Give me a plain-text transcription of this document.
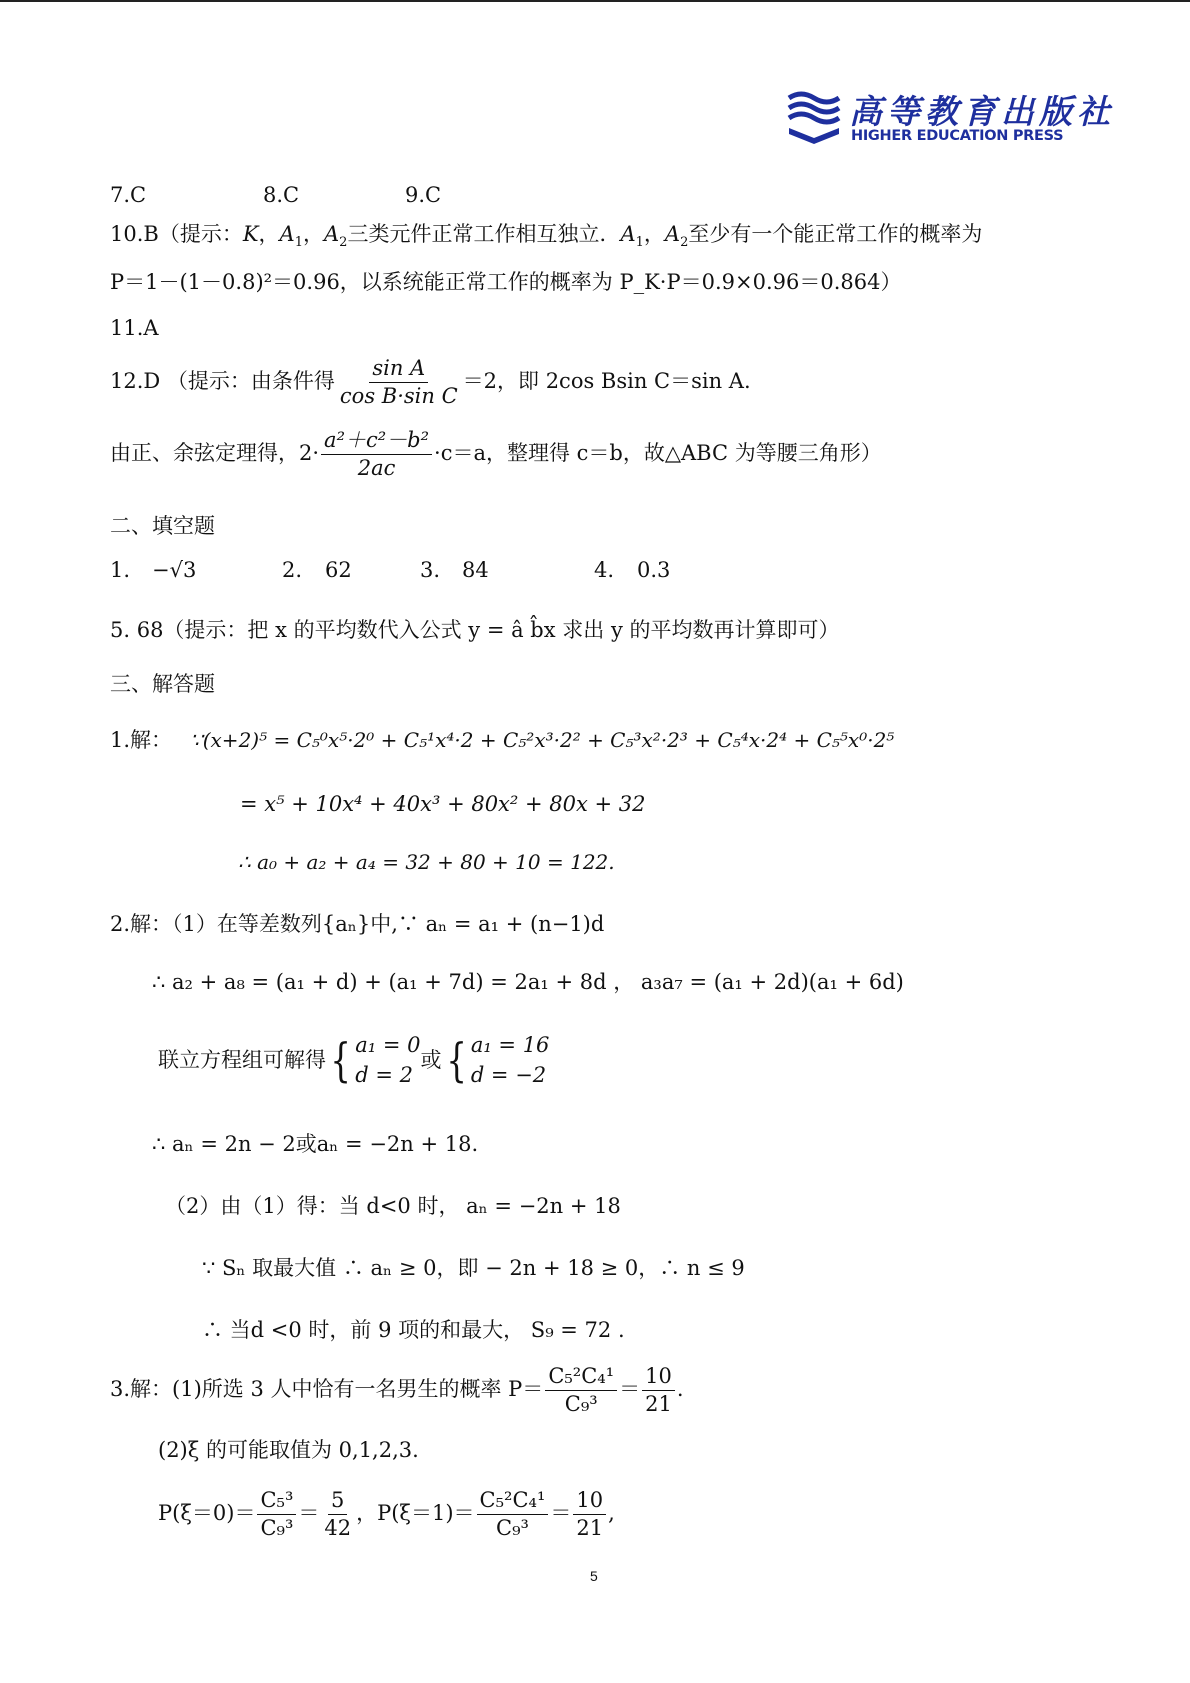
高等教育出版社
HIGHER EDUCATION PRESS
7.C	8.C	9.C
10.B（提示：K，$A_1$，$A_2$三类元件正常工作相互独立．$A_1$，$A_2$至少有一个能正常工作的概率为
P＝1－(1－0.8)²＝0.96，以系统能正常工作的概率为 P_K·P＝0.9×0.96＝0.864）
11.A
12.D （提示：由条件得 $\frac{\text{sin A}}{\text{cos B·sin C}} =2$，即 2cos Bsin C＝sin A.
由正、余弦定理得，$2\cdot \frac{\text{a²＋c²－b²}}{2ac} \cdot c=a$，整理得 c＝b，故△ABC 为等腰三角形）
二、填空题
1. −√3	2. 62	3. 84	4. 0.3
5. 68（提示：把 x 的平均数代入公式 y = â b̂x 求出 y 的平均数再计算即可）
三、解答题
1.解： ∵(x+2)⁵ = C₅⁰x⁵·2⁰ + C₅¹x⁴·2 + C₅²x³·2² + C₅³x²·2³ + C₅⁴x·2⁴ + C₅⁵x⁰·2⁵
= x⁵ + 10x⁴ + 40x³ + 80x² + 80x + 32
∴ a₀ + a₂ + a₄ = 32 + 80 + 10 = 122.
2.解：（1）在等差数列{aₙ}中,∵ aₙ = a₁ + (n−1)d
∴ a₂ + a₈ = (a₁ + d) + (a₁ + 7d) = 2a₁ + 8d ， a₃a₇ = (a₁ + 2d)(a₁ + 6d)
联立方程组可解得 { a₁ = 0
d = 2
或 { a₁ = 16
d = −2
∴ aₙ = 2n − 2或aₙ = −2n + 18.
（2）由（1）得：当 d<0 时， aₙ = −2n + 18
∵ Sₙ 取最大值 ∴ aₙ ≥ 0，即 − 2n + 18 ≥ 0，∴ n ≤ 9
∴ 当d <0 时，前 9 项的和最大， S₉ = 72 .
3.解：(1)所选 3 人中恰有一名男生的概率 $P= \frac{\text{C₅²C₄¹}}{\text{C₉³}} = \frac{10}{21}$ .
(2)ξ 的可能取值为 0,1,2,3.
$P(\xi=0)= \frac{\text{C₅³}}{\text{C₉³}} = \frac{5}{42}$ ，$P(\xi=1)= \frac{\text{C₅²C₄¹}}{\text{C₉³}} = \frac{10}{21}$ ,
5
